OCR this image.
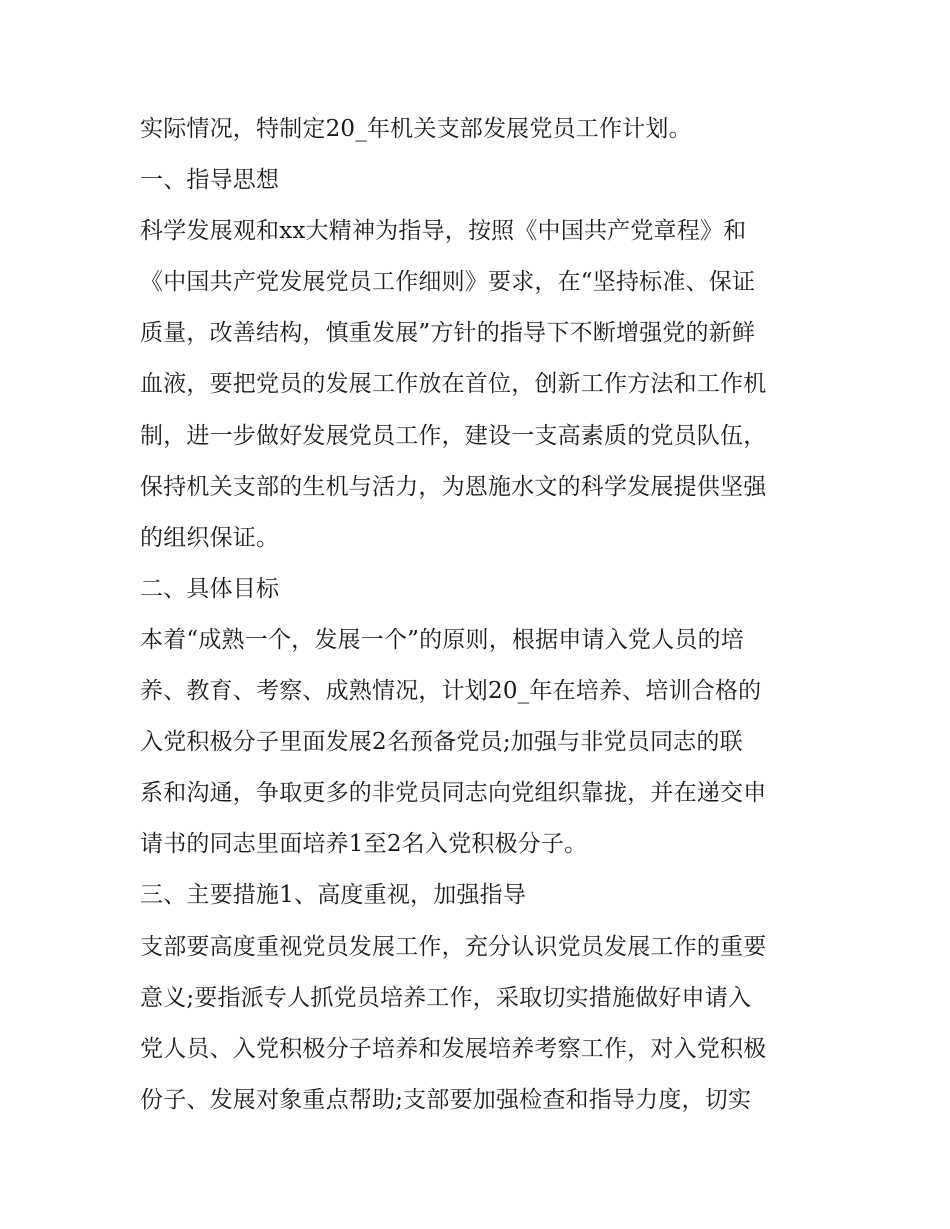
实际情况，特制定20_年机关支部发展党员工作计划。
一、指导思想
科学发展观和xx大精神为指导，按照《中国共产党章程》和
《中国共产党发展党员工作细则》要求，在“坚持标准、保证
质量，改善结构，慎重发展”方针的指导下不断增强党的新鲜
血液，要把党员的发展工作放在首位，创新工作方法和工作机
制，进一步做好发展党员工作，建设一支高素质的党员队伍，
保持机关支部的生机与活力，为恩施水文的科学发展提供坚强
的组织保证。
二、具体目标
本着“成熟一个，发展一个”的原则，根据申请入党人员的培
养、教育、考察、成熟情况，计划20_年在培养、培训合格的
入党积极分子里面发展2名预备党员;加强与非党员同志的联
系和沟通，争取更多的非党员同志向党组织靠拢，并在递交申
请书的同志里面培养1至2名入党积极分子。
三、主要措施1、高度重视，加强指导
支部要高度重视党员发展工作，充分认识党员发展工作的重要
意义;要指派专人抓党员培养工作，采取切实措施做好申请入
党人员、入党积极分子培养和发展培养考察工作，对入党积极
份子、发展对象重点帮助;支部要加强检查和指导力度，切实
